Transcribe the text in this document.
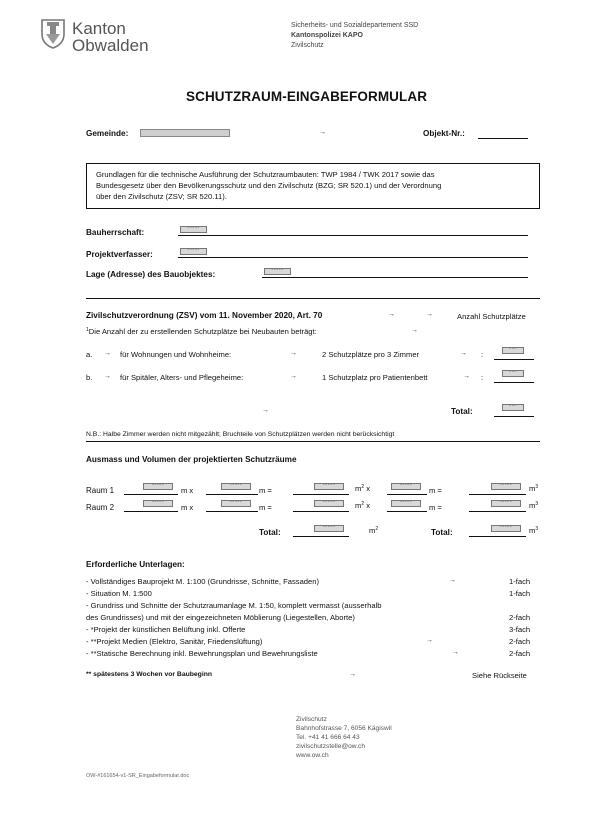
Kanton
Obwalden
Sicherheits- und Sozialdepartement SSD
Kantonspolizei KAPO
Zivilschutz
SCHUTZRAUM-EINGABEFORMULAR
Gemeinde:	→	Objekt-Nr.:
Grundlagen für die technische Ausführung der Schutzraumbauten: TWP 1984 / TWK 2017 sowie das
Bundesgesetz über den Bevölkerungsschutz und den Zivilschutz (BZG; SR 520.1) und der Verordnung
über den Zivilschutz (ZSV; SR 520.11).
Bauherrschaft:	°°°°°
Projektverfasser:	°°°°°
Lage (Adresse) des Bauobjektes:	°°°°°
Zivilschutzverordnung (ZSV) vom 11. November 2020, Art. 70	→	→	Anzahl Schutzplätze
$^1$Die Anzahl der zu erstellenden Schutzplätze bei Neubauten beträgt:	→
a. → für Wohnungen und Wohnheime:	→	2 Schutzplätze pro 3 Zimmer	→ :	°°°
b. → für Spitäler, Alters- und Pflegeheime:	→	1 Schutzplatz pro Patientenbett	→ :	°°°
→	Total:	°°°
N.B.: Halbe Zimmer werden nicht mitgezählt; Bruchteile von Schutzplätzen werden nicht berücksichtigt
Ausmass und Volumen der projektierten Schutzräume
Raum 1	°°°°°	m x	°°°°°	m =	°°°°°	$m^2$ x	°°°°°	m =	°°°°°	$m^3$
Raum 2	°°°°°	m x	°°°°°	m =	°°°°°	$m^2$ x	°°°°°	m =	°°°°°	$m^3$
Total:	°°°°°	$m^2$	Total:	°°°°°	$m^3$
Erforderliche Unterlagen:
- Vollständiges Bauprojekt M. 1:100 (Grundrisse, Schnitte, Fassaden)	→	1-fach
- Situation M. 1:500	1-fach
- Grundriss und Schnitte der Schutzraumanlage M. 1:50, komplett vermasst (ausserhalb
des Grundrisses) und mit der eingezeichneten Möblierung (Liegestellen, Aborte)	2-fach
- *Projekt der künstlichen Belüftung inkl. Offerte	3-fach
- **Projekt Medien (Elektro, Sanitär, Friedenslüftung)	→	2-fach
- **Statische Berechnung inkl. Bewehrungsplan und Bewehrungsliste	→	2-fach
** spätestens 3 Wochen vor Baubeginn	→	Siehe Rückseite
Zivilschutz
Bahnhofstrasse 7, 6056 Kägiswil
Tel. +41 41 666 64 43
zivilschutzstelle@ow.ch
www.ow.ch
OW-#161654-v1-SR_Eingabeformular.doc
